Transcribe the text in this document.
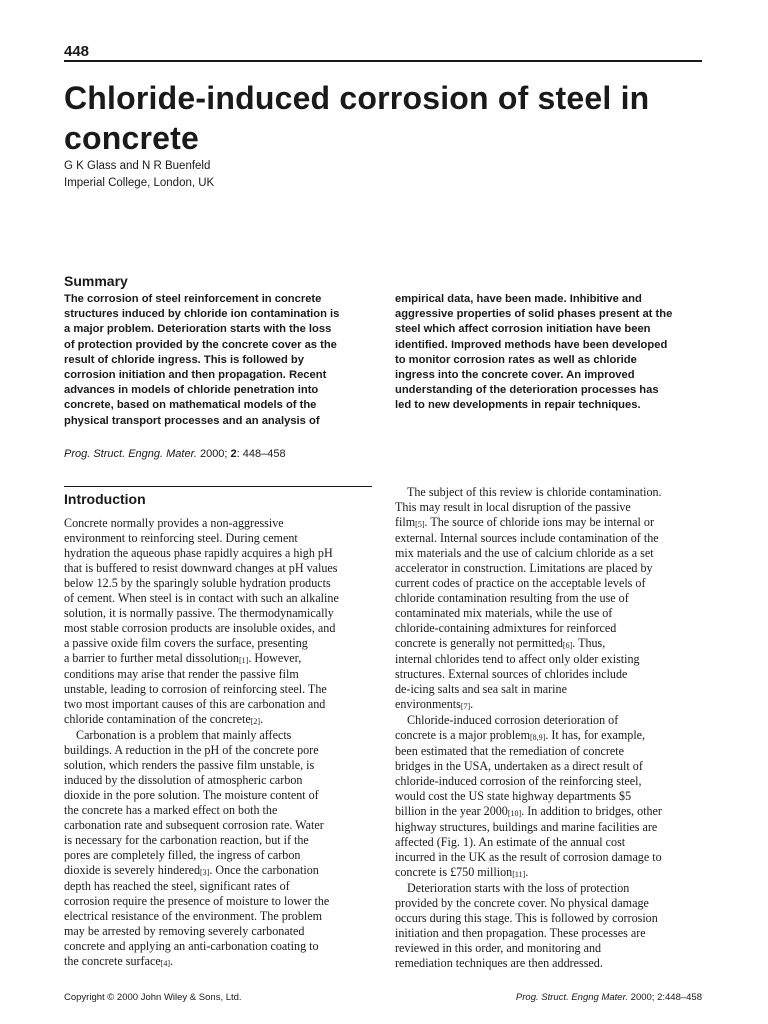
448
Chloride-induced corrosion of steel in concrete
G K Glass and N R Buenfeld
Imperial College, London, UK
Summary
The corrosion of steel reinforcement in concrete
structures induced by chloride ion contamination is
a major problem. Deterioration starts with the loss
of protection provided by the concrete cover as the
result of chloride ingress. This is followed by
corrosion initiation and then propagation. Recent
advances in models of chloride penetration into
concrete, based on mathematical models of the
physical transport processes and an analysis of
empirical data, have been made. Inhibitive and
aggressive properties of solid phases present at the
steel which affect corrosion initiation have been
identified. Improved methods have been developed
to monitor corrosion rates as well as chloride
ingress into the concrete cover. An improved
understanding of the deterioration processes has
led to new developments in repair techniques.
Prog. Struct. Engng. Mater. 2000; 2: 448–458
Introduction
Concrete normally provides a non-aggressive
environment to reinforcing steel. During cement
hydration the aqueous phase rapidly acquires a high pH
that is buffered to resist downward changes at pH values
below 12.5 by the sparingly soluble hydration products
of cement. When steel is in contact with such an alkaline
solution, it is normally passive. The thermodynamically
most stable corrosion products are insoluble oxides, and
a passive oxide film covers the surface, presenting
a barrier to further metal dissolution$_{[1]}$. However,
conditions may arise that render the passive film
unstable, leading to corrosion of reinforcing steel. The
two most important causes of this are carbonation and
chloride contamination of the concrete$_{[2]}$.
Carbonation is a problem that mainly affects
buildings. A reduction in the pH of the concrete pore
solution, which renders the passive film unstable, is
induced by the dissolution of atmospheric carbon
dioxide in the pore solution. The moisture content of
the concrete has a marked effect on both the
carbonation rate and subsequent corrosion rate. Water
is necessary for the carbonation reaction, but if the
pores are completely filled, the ingress of carbon
dioxide is severely hindered$_{[3]}$. Once the carbonation
depth has reached the steel, significant rates of
corrosion require the presence of moisture to lower the
electrical resistance of the environment. The problem
may be arrested by removing severely carbonated
concrete and applying an anti-carbonation coating to
the concrete surface$_{[4]}$.
The subject of this review is chloride contamination.
This may result in local disruption of the passive
film$_{[5]}$. The source of chloride ions may be internal or
external. Internal sources include contamination of the
mix materials and the use of calcium chloride as a set
accelerator in construction. Limitations are placed by
current codes of practice on the acceptable levels of
chloride contamination resulting from the use of
contaminated mix materials, while the use of
chloride-containing admixtures for reinforced
concrete is generally not permitted$_{[6]}$. Thus,
internal chlorides tend to affect only older existing
structures. External sources of chlorides include
de-icing salts and sea salt in marine
environments$_{[7]}$.
Chloride-induced corrosion deterioration of
concrete is a major problem$_{[8,9]}$. It has, for example,
been estimated that the remediation of concrete
bridges in the USA, undertaken as a direct result of
chloride-induced corrosion of the reinforcing steel,
would cost the US state highway departments $5
billion in the year $2000_{[10]}$. In addition to bridges, other
highway structures, buildings and marine facilities are
affected (Fig. 1). An estimate of the annual cost
incurred in the UK as the result of corrosion damage to
concrete is £750 million$_{[11]}$.
Deterioration starts with the loss of protection
provided by the concrete cover. No physical damage
occurs during this stage. This is followed by corrosion
initiation and then propagation. These processes are
reviewed in this order, and monitoring and
remediation techniques are then addressed.
Copyright © 2000 John Wiley & Sons, Ltd.	Prog. Struct. Engng Mater. 2000; 2:448–458
